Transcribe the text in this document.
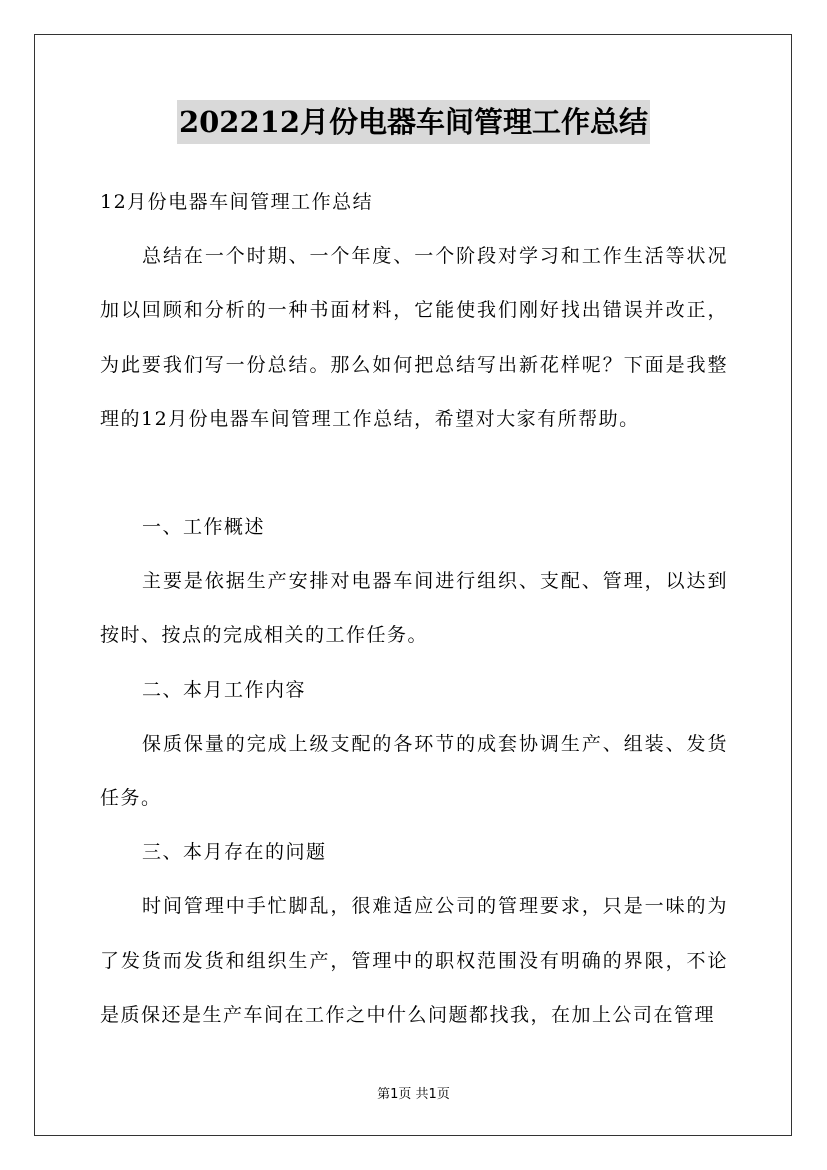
202212月份电器车间管理工作总结

12月份电器车间管理工作总结

总结在一个时期、一个年度、一个阶段对学习和工作生活等状况加以回顾和分析的一种书面材料，它能使我们刚好找出错误并改正，为此要我们写一份总结。那么如何把总结写出新花样呢？下面是我整理的12月份电器车间管理工作总结，希望对大家有所帮助。

一、工作概述

主要是依据生产安排对电器车间进行组织、支配、管理，以达到按时、按点的完成相关的工作任务。

二、本月工作内容

保质保量的完成上级支配的各环节的成套协调生产、组装、发货任务。

三、本月存在的问题

时间管理中手忙脚乱，很难适应公司的管理要求，只是一味的为了发货而发货和组织生产，管理中的职权范围没有明确的界限，不论是质保还是生产车间在工作之中什么问题都找我，在加上公司在管理

第1页 共1页
